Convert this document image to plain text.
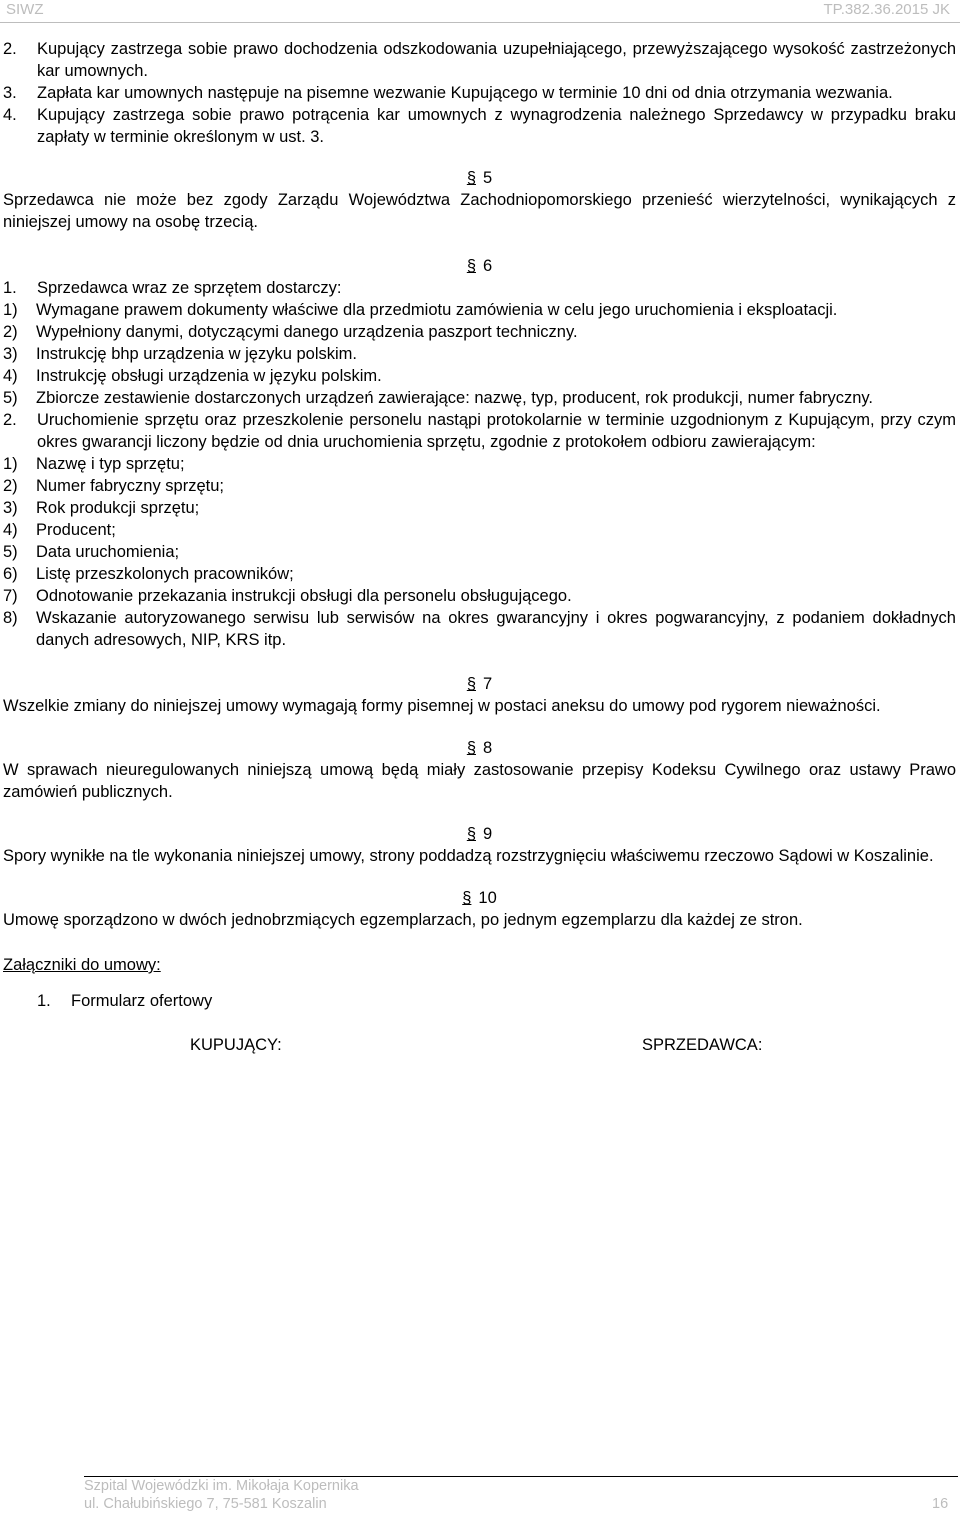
SIWZ	TP.382.36.2015 JK
2.	Kupujący zastrzega sobie prawo dochodzenia odszkodowania uzupełniającego, przewyższającego wysokość zastrzeżonych kar umownych.
3.	Zapłata kar umownych następuje na pisemne wezwanie Kupującego w terminie 10 dni od dnia otrzymania wezwania.
4.	Kupujący zastrzega sobie prawo potrącenia kar umownych z wynagrodzenia należnego Sprzedawcy w przypadku braku zapłaty w terminie określonym w ust. 3.
§ 5
Sprzedawca nie może bez zgody Zarządu Województwa Zachodniopomorskiego przenieść wierzytelności, wynikających z niniejszej umowy na osobę trzecią.
§ 6
1.	Sprzedawca wraz ze sprzętem dostarczy:
1)	Wymagane prawem dokumenty właściwe dla przedmiotu zamówienia w celu jego uruchomienia i eksploatacji.
2)	Wypełniony danymi, dotyczącymi danego urządzenia paszport techniczny.
3)	Instrukcję bhp urządzenia w języku polskim.
4)	Instrukcję obsługi urządzenia w języku polskim.
5)	Zbiorcze zestawienie dostarczonych urządzeń zawierające: nazwę, typ, producent, rok produkcji, numer fabryczny.
2.	Uruchomienie sprzętu oraz przeszkolenie personelu nastąpi protokolarnie w terminie uzgodnionym z Kupującym, przy czym okres gwarancji liczony będzie od dnia uruchomienia sprzętu, zgodnie z protokołem odbioru zawierającym:
1)	Nazwę i typ sprzętu;
2)	Numer fabryczny sprzętu;
3)	Rok produkcji sprzętu;
4)	Producent;
5)	Data uruchomienia;
6)	Listę przeszkolonych pracowników;
7)	Odnotowanie przekazania instrukcji obsługi dla personelu obsługującego.
8)	Wskazanie autoryzowanego serwisu lub serwisów na okres gwarancyjny i okres pogwarancyjny, z podaniem dokładnych danych adresowych, NIP, KRS itp.
§ 7
Wszelkie zmiany do niniejszej umowy wymagają formy pisemnej w postaci aneksu do umowy pod rygorem nieważności.
§ 8
W sprawach nieuregulowanych niniejszą umową będą miały zastosowanie przepisy Kodeksu Cywilnego oraz ustawy Prawo zamówień publicznych.
§ 9
Spory wynikłe na tle wykonania niniejszej umowy, strony poddadzą rozstrzygnięciu właściwemu rzeczowo Sądowi w Koszalinie.
§ 10
Umowę sporządzono w dwóch jednobrzmiących egzemplarzach, po jednym egzemplarzu dla każdej ze stron.
Załączniki do umowy:
1.	Formularz ofertowy
KUPUJĄCY:	SPRZEDAWCA:
Szpital Wojewódzki im. Mikołaja Kopernika
ul. Chałubińskiego 7, 75-581 Koszalin	16
